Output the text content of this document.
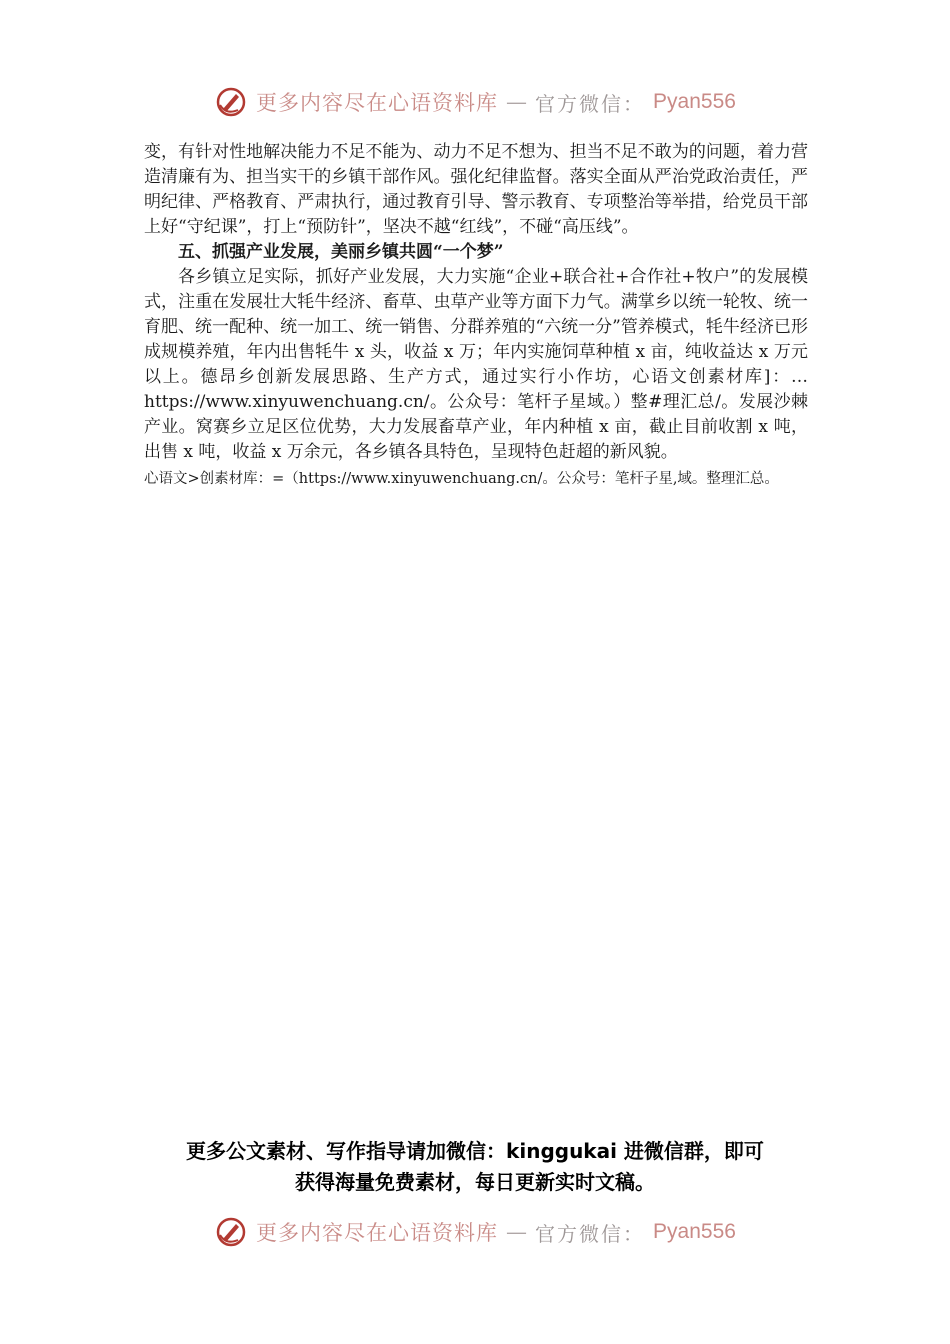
更多内容尽在心语资料库 — 官方微信： Pyan556

变，有针对性地解决能力不足不能为、动力不足不想为、担当不足不敢为的问题，着力营造清廉有为、担当实干的乡镇干部作风。强化纪律监督。落实全面从严治党政治责任，严明纪律、严格教育、严肃执行，通过教育引导、警示教育、专项整治等举措，给党员干部上好“守纪课”，打上“预防针”，坚决不越“红线”，不碰“高压线”。

五、抓强产业发展，美丽乡镇共圆“一个梦”

各乡镇立足实际，抓好产业发展，大力实施“企业+联合社+合作社+牧户”的发展模式，注重在发展壮大牦牛经济、畜草、虫草产业等方面下力气。满掌乡以统一轮牧、统一育肥、统一配种、统一加工、统一销售、分群养殖的“六统一分”管养模式，牦牛经济已形成规模养殖，年内出售牦牛 x 头，收益 x 万；年内实施饲草种植 x 亩，纯收益达 x 万元以上。德昂乡创新发展思路、生产方式，通过实行小作坊，心语文创素材库]：… https://www.xinyuwenchuang.cn/。公众号：笔杆子星域。）整#理汇总/。发展沙棘产业。窝赛乡立足区位优势，大力发展畜草产业，年内种植 x 亩，截止目前收割 x 吨，出售 x 吨，收益 x 万余元，各乡镇各具特色，呈现特色赶超的新风貌。

心语文>创素材库：=（https://www.xinyuwenchuang.cn/。公众号：笔杆子星,域。整理汇总。

更多公文素材、写作指导请加微信：kinggukai 进微信群，即可

获得海量免费素材，每日更新实时文稿。

更多内容尽在心语资料库 — 官方微信： Pyan556
